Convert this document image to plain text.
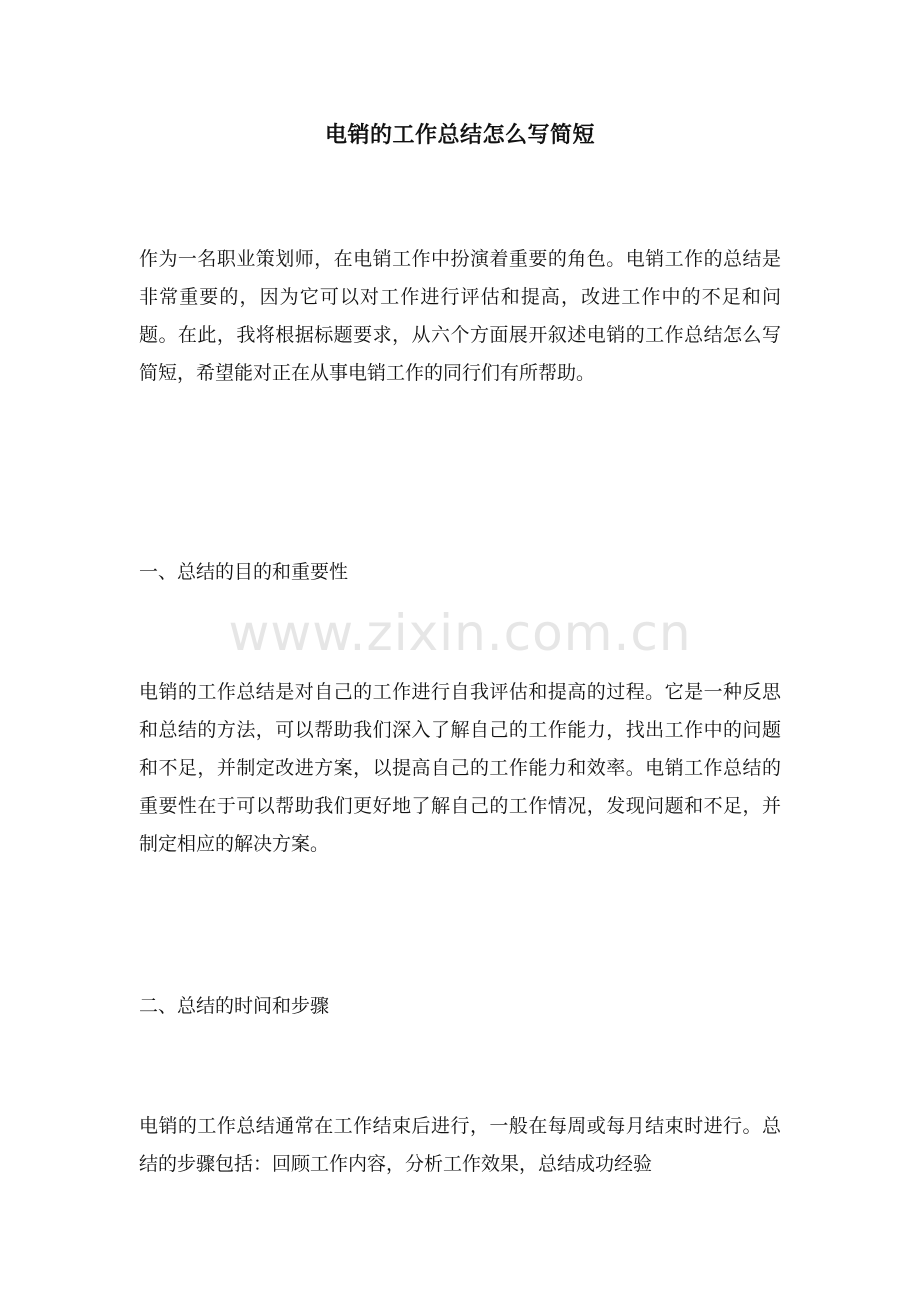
电销的工作总结怎么写简短

作为一名职业策划师，在电销工作中扮演着重要的角色。电销工作的总结是非常重要的，因为它可以对工作进行评估和提高，改进工作中的不足和问题。在此，我将根据标题要求，从六个方面展开叙述电销的工作总结怎么写简短，希望能对正在从事电销工作的同行们有所帮助。

一、总结的目的和重要性

www.zixin.com.cn

电销的工作总结是对自己的工作进行自我评估和提高的过程。它是一种反思和总结的方法，可以帮助我们深入了解自己的工作能力，找出工作中的问题和不足，并制定改进方案，以提高自己的工作能力和效率。电销工作总结的重要性在于可以帮助我们更好地了解自己的工作情况，发现问题和不足，并制定相应的解决方案。

二、总结的时间和步骤

电销的工作总结通常在工作结束后进行，一般在每周或每月结束时进行。总结的步骤包括：回顾工作内容，分析工作效果，总结成功经验
